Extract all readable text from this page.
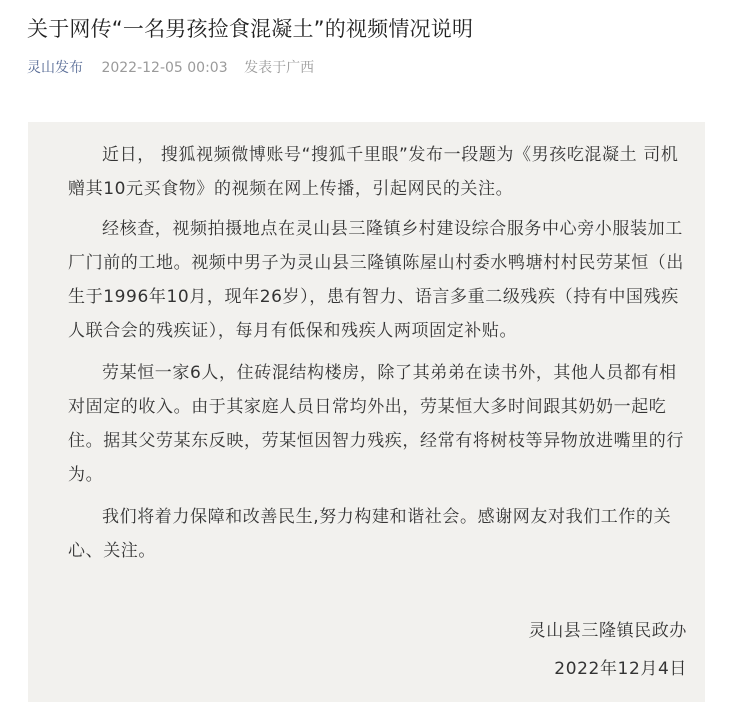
关于网传“一名男孩捡食混凝土”的视频情况说明
灵山发布 2022-12-05 00:03 发表于广西

近日， 搜狐视频微博账号“搜狐千里眼”发布一段题为《男孩吃混凝土 司机赠其10元买食物》的视频在网上传播，引起网民的关注。

经核查，视频拍摄地点在灵山县三隆镇乡村建设综合服务中心旁小服装加工厂门前的工地。视频中男子为灵山县三隆镇陈屋山村委水鸭塘村村民劳某恒（出生于1996年10月，现年26岁），患有智力、语言多重二级残疾（持有中国残疾人联合会的残疾证），每月有低保和残疾人两项固定补贴。

劳某恒一家6人，住砖混结构楼房，除了其弟弟在读书外，其他人员都有相对固定的收入。由于其家庭人员日常均外出，劳某恒大多时间跟其奶奶一起吃住。据其父劳某东反映，劳某恒因智力残疾，经常有将树枝等异物放进嘴里的行为。

我们将着力保障和改善民生,努力构建和谐社会。感谢网友对我们工作的关心、关注。

灵山县三隆镇民政办
2022年12月4日
